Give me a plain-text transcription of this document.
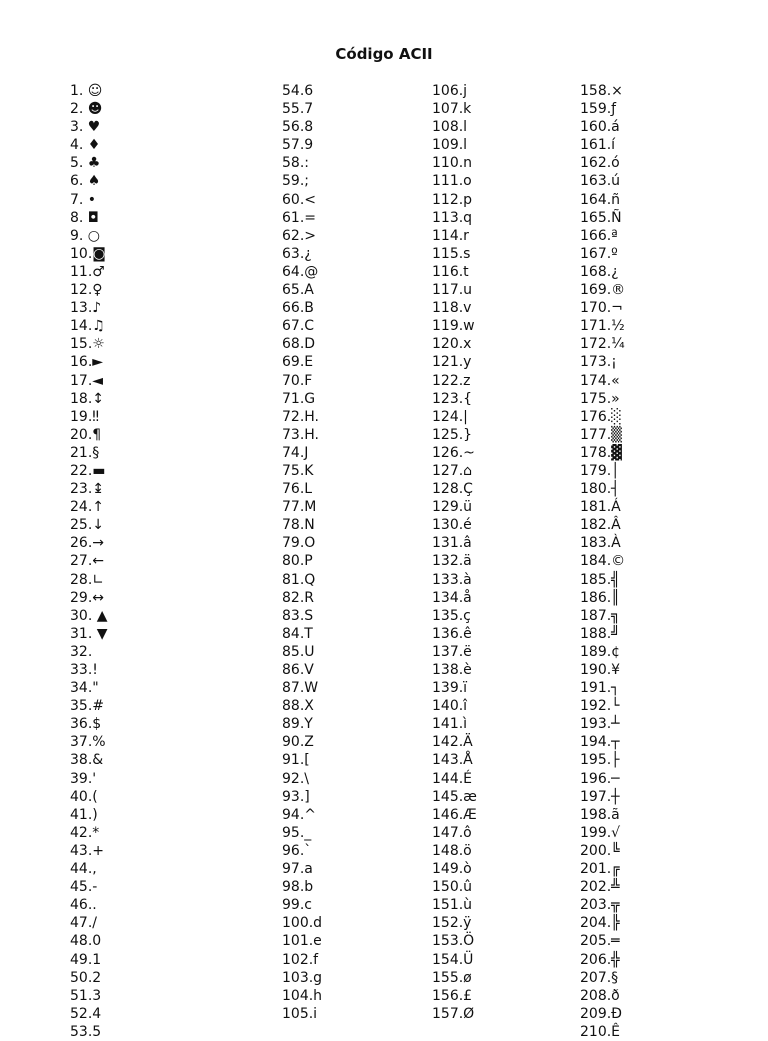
Código ACII
1. ☺
2. ☻
3. ♥
4. ♦
5. ♣
6. ♠
7. •
8. ◘
9. ○
10.◙
11.♂
12.♀
13.♪
14.♫
15.☼
16.►
17.◄
18.↕
19.‼
20.¶
21.§
22.▬
23.↨
24.↑
25.↓
26.→
27.←
28.∟
29.↔
30. ▲
31. ▼
32.
33.!
34."
35.#
36.$
37.%
38.&
39.'
40.(
41.)
42.*
43.+
44.,
45.-
46..
47./
48.0
49.1
50.2
51.3
52.4
53.5
54.6
55.7
56.8
57.9
58.:
59.;
60.<
61.=
62.>
63.¿
64.@
65.A
66.B
67.C
68.D
69.E
70.F
71.G
72.H.
73.H.
74.J
75.K
76.L
77.M
78.N
79.O
80.P
81.Q
82.R
83.S
84.T
85.U
86.V
87.W
88.X
89.Y
90.Z
91.[
92.\
93.]
94.^
95._
96.`
97.a
98.b
99.c
100.d
101.e
102.f
103.g
104.h
105.i
106.j
107.k
108.l
109.l
110.n
111.o
112.p
113.q
114.r
115.s
116.t
117.u
118.v
119.w
120.x
121.y
122.z
123.{
124.|
125.}
126.~
127.⌂
128.Ç
129.ü
130.é
131.â
132.ä
133.à
134.å
135.ç
136.ê
137.ë
138.è
139.ï
140.î
141.ì
142.Ä
143.Å
144.É
145.æ
146.Æ
147.ô
148.ö
149.ò
150.û
151.ù
152.ÿ
153.Ö
154.Ü
155.ø
156.£
157.Ø
158.×
159.ƒ
160.á
161.í
162.ó
163.ú
164.ñ
165.Ñ
166.ª
167.º
168.¿
169.®
170.¬
171.½
172.¼
173.¡
174.«
175.»
176.░
177.▒
178.▓
179.│
180.┤
181.Á
182.Â
183.À
184.©
185.╣
186.║
187.╗
188.╝
189.¢
190.¥
191.┐
192.└
193.┴
194.┬
195.├
196.─
197.┼
198.ã
199.√
200.╚
201.╔
202.╩
203.╦
204.╠
205.═
206.╬
207.§
208.ð
209.Ð
210.Ê
